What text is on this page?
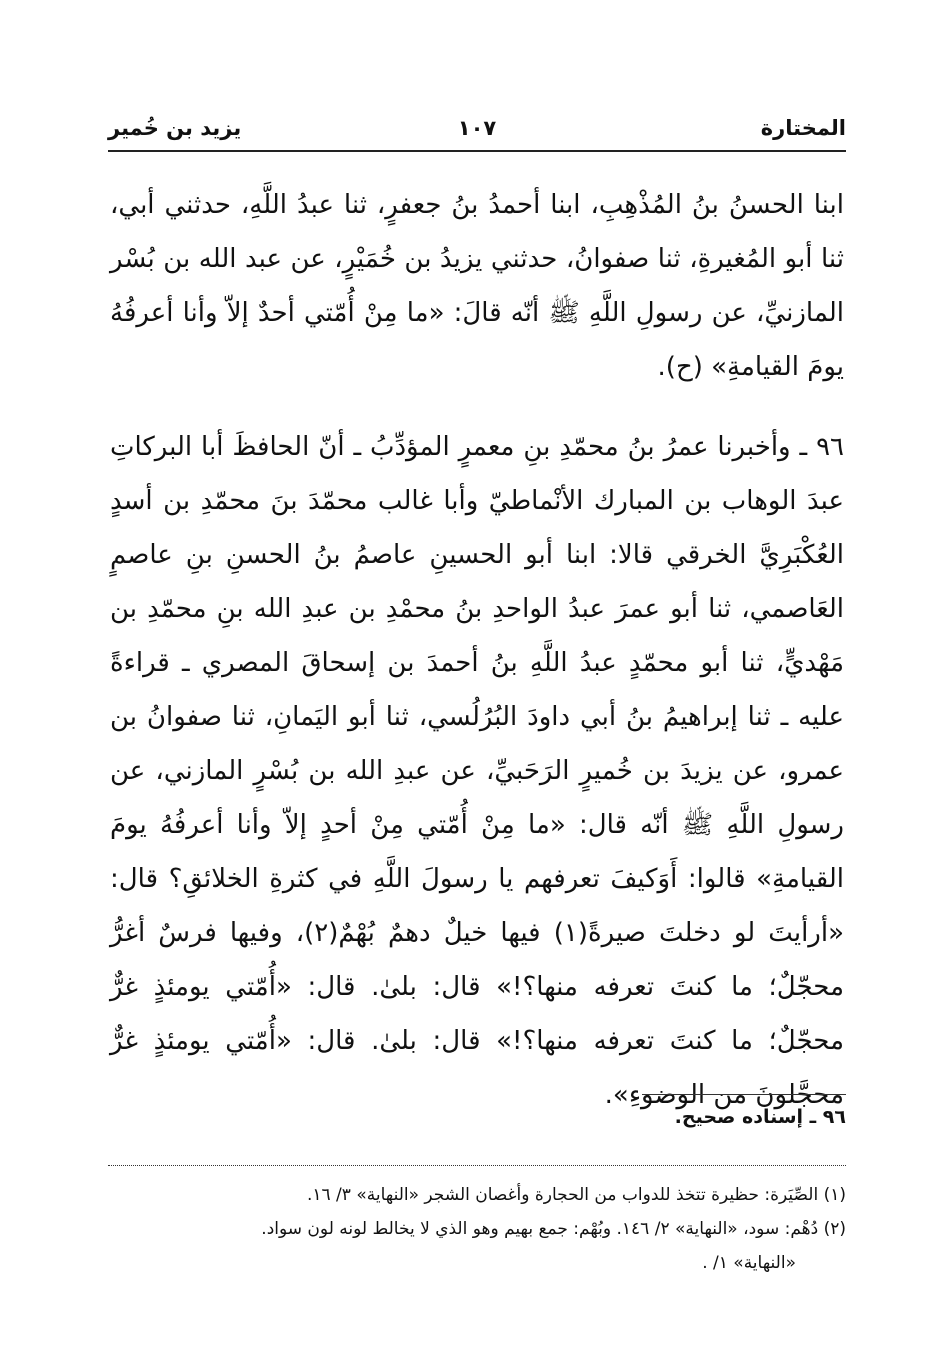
المختارة
١٠٧
يزيد بن خُمير

ابنا الحسنُ بنُ المُذْهِبِ، ابنا أحمدُ بنُ جعفرٍ، ثنا عبدُ اللَّهِ، حدثني أبي، ثنا أبو المُغيرةِ، ثنا صفوانُ، حدثني يزيدُ بن خُمَيْرٍ، عن عبد الله بن بُسْر المازنيِّ، عن رسولِ اللَّهِ ﷺ أنّه قالَ: «ما مِنْ أُمّتي أحدٌ إلاّ وأنا أعرفُهُ يومَ القيامةِ» (ح).

٩٦ ـ وأخبرنا عمرُ بنُ محمّدِ بنِ معمرٍ المؤدِّبُ ـ أنّ الحافظَ أبا البركاتِ عبدَ الوهاب بن المبارك الأنْماطيّ وأبا غالب محمّدَ بنَ محمّدِ بن أسدٍ العُكْبَرِيَّ الخرقي قالا: ابنا أبو الحسينِ عاصمُ بنُ الحسنِ بنِ عاصمٍ العَاصمي، ثنا أبو عمرَ عبدُ الواحدِ بنُ محمْدِ بن عبدِ الله بنِ محمّدِ بن مَهْديٍّ، ثنا أبو محمّدٍ عبدُ اللَّهِ بنُ أحمدَ بن إسحاقَ المصري ـ قراءةً عليه ـ ثنا إبراهيمُ بنُ أبي داودَ البُرُلُسي، ثنا أبو اليَمانِ، ثنا صفوانُ بن عمرو، عن يزيدَ بن خُميرٍ الرَحَبيِّ، عن عبدِ الله بن بُسْرٍ المازني، عن رسولِ اللَّهِ ﷺ أنّه قال: «ما مِنْ أُمّتي مِنْ أحدٍ إلاّ وأنا أعرفُهُ يومَ القيامةِ» قالوا: أَوَكيفَ تعرفهم يا رسولَ اللَّهِ في كثرةِ الخلائقِ؟ قال: «أرأيتَ لو دخلتَ صيرةً(١) فيها خيلٌ دهمٌ بُهْمٌ(٢)، وفيها فرسٌ أغرُّ محجّلٌ؛ ما كنتَ تعرفه منها؟!» قال: بلىٰ. قال: «أُمّتي يومئذٍ غرٌّ محجّلٌ؛ ما كنتَ تعرفه منها؟!» قال: بلىٰ. قال: «أُمّتي يومئذٍ غرٌّ محجَّلونَ من الوضوءِ».

٩٦ ـ إسناده صحيح.

(١) الصِّيَرة: حظيرة تتخذ للدواب من الحجارة وأغصان الشجر «النهاية» ٣/ ١٦.

(٢) دُهْم: سود، «النهاية» ٢/ ١٤٦. وبُهْم: جمع بهيم وهو الذي لا يخالط لونه لون سواد.

«النهاية» ١/ .
